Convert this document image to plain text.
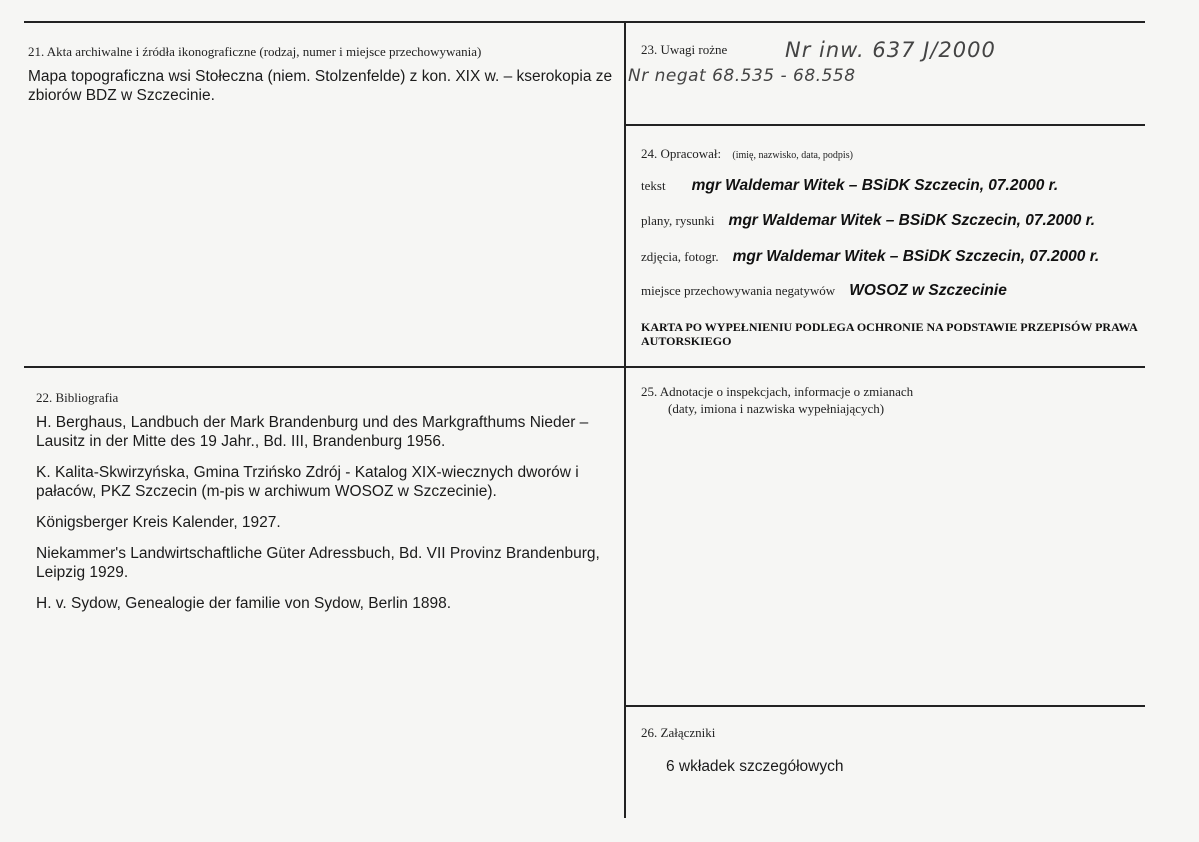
21. Akta archiwalne i źródła ikonograficzne (rodzaj, numer i miejsce przechowywania)
Mapa topograficzna wsi Stołeczna (niem. Stolzenfelde) z kon. XIX w. – kserokopia ze zbiorów BDZ w Szczecinie.
22. Bibliografia

H. Berghaus, Landbuch der Mark Brandenburg und des Markgrafthums Nieder – Lausitz in der Mitte des 19 Jahr., Bd. III, Brandenburg 1956.

K. Kalita-Skwirzyńska, Gmina Trzińsko Zdrój - Katalog XIX-wiecznych dworów i pałaców, PKZ Szczecin (m-pis w archiwum WOSOZ w Szczecinie).

Königsberger Kreis Kalender, 1927.

Niekammer's Landwirtschaftliche Güter Adressbuch, Bd. VII Provinz Brandenburg, Leipzig 1929.

H. v. Sydow, Genealogie der familie von Sydow, Berlin 1898.

23. Uwagi rożne	Nr inw. 637 J/2000
Nr negat 68.535 - 68.558
24. Opracował: (imię, nazwisko, data, podpis)
tekst mgr Waldemar Witek – BSiDK Szczecin, 07.2000 r.
plany, rysunki mgr Waldemar Witek – BSiDK Szczecin, 07.2000 r.
zdjęcia, fotogr. mgr Waldemar Witek – BSiDK Szczecin, 07.2000 r.
miejsce przechowywania negatywów WOSOZ w Szczecinie
KARTA PO WYPEŁNIENIU PODLEGA OCHRONIE NA PODSTAWIE PRZEPISÓW PRAWA AUTORSKIEGO
25. Adnotacje o inspekcjach, informacje o zmianach
(daty, imiona i nazwiska wypełniających)
26. Załączniki
6 wkładek szczegółowych
